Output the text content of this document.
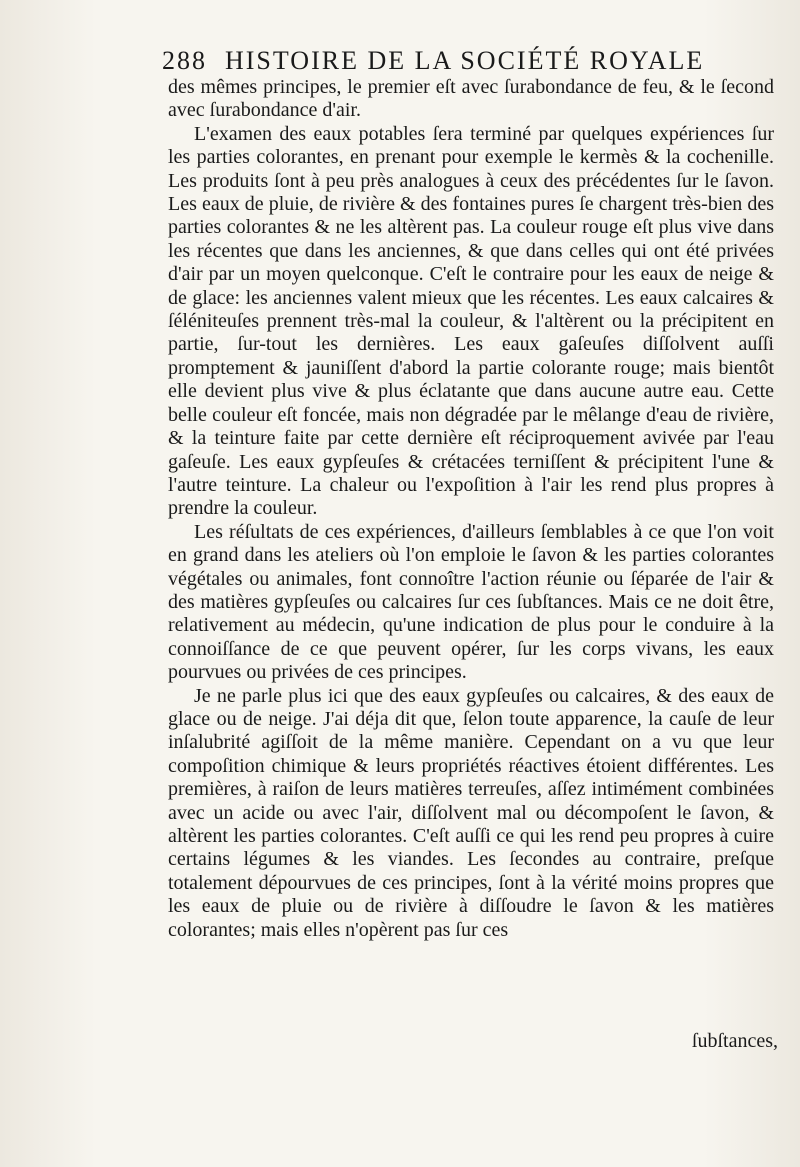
288 HISTOIRE DE LA SOCIÉTÉ ROYALE

des mêmes principes, le premier eſt avec ſurabondance de feu, & le ſecond avec ſurabondance d'air.

L'examen des eaux potables ſera terminé par quelques expériences ſur les parties colorantes, en prenant pour exemple le kermès & la cochenille. Les produits ſont à peu près analogues à ceux des précédentes ſur le ſavon. Les eaux de pluie, de rivière & des fontaines pures ſe chargent très-bien des parties colorantes & ne les altèrent pas. La couleur rouge eſt plus vive dans les récentes que dans les anciennes, & que dans celles qui ont été privées d'air par un moyen quelconque. C'eſt le contraire pour les eaux de neige & de glace: les anciennes valent mieux que les récentes. Les eaux calcaires & ſéléniteuſes prennent très-mal la couleur, & l'altèrent ou la précipitent en partie, ſur-tout les dernières. Les eaux gaſeuſes diſſolvent auſſi promptement & jauniſſent d'abord la partie colorante rouge; mais bientôt elle devient plus vive & plus éclatante que dans aucune autre eau. Cette belle couleur eſt foncée, mais non dégradée par le mêlange d'eau de rivière, & la teinture faite par cette dernière eſt réciproquement avivée par l'eau gaſeuſe. Les eaux gypſeuſes & crétacées terniſſent & précipitent l'une & l'autre teinture. La chaleur ou l'expoſition à l'air les rend plus propres à prendre la couleur.

Les réſultats de ces expériences, d'ailleurs ſemblables à ce que l'on voit en grand dans les ateliers où l'on emploie le ſavon & les parties colorantes végétales ou animales, font connoître l'action réunie ou ſéparée de l'air & des matières gypſeuſes ou calcaires ſur ces ſubſtances. Mais ce ne doit être, relativement au médecin, qu'une indication de plus pour le conduire à la connoiſſance de ce que peuvent opérer, ſur les corps vivans, les eaux pourvues ou privées de ces principes.

Je ne parle plus ici que des eaux gypſeuſes ou calcaires, & des eaux de glace ou de neige. J'ai déja dit que, ſelon toute apparence, la cauſe de leur inſalubrité agiſſoit de la même manière. Cependant on a vu que leur compoſition chimique & leurs propriétés réactives étoient différentes. Les premières, à raiſon de leurs matières terreuſes, aſſez intimément combinées avec un acide ou avec l'air, diſſolvent mal ou décompoſent le ſavon, & altèrent les parties colorantes. C'eſt auſſi ce qui les rend peu propres à cuire certains légumes & les viandes. Les ſecondes au contraire, preſque totalement dépourvues de ces principes, ſont à la vérité moins propres que les eaux de pluie ou de rivière à diſſoudre le ſavon & les matières colorantes; mais elles n'opèrent pas ſur ces

ſubſtances,
